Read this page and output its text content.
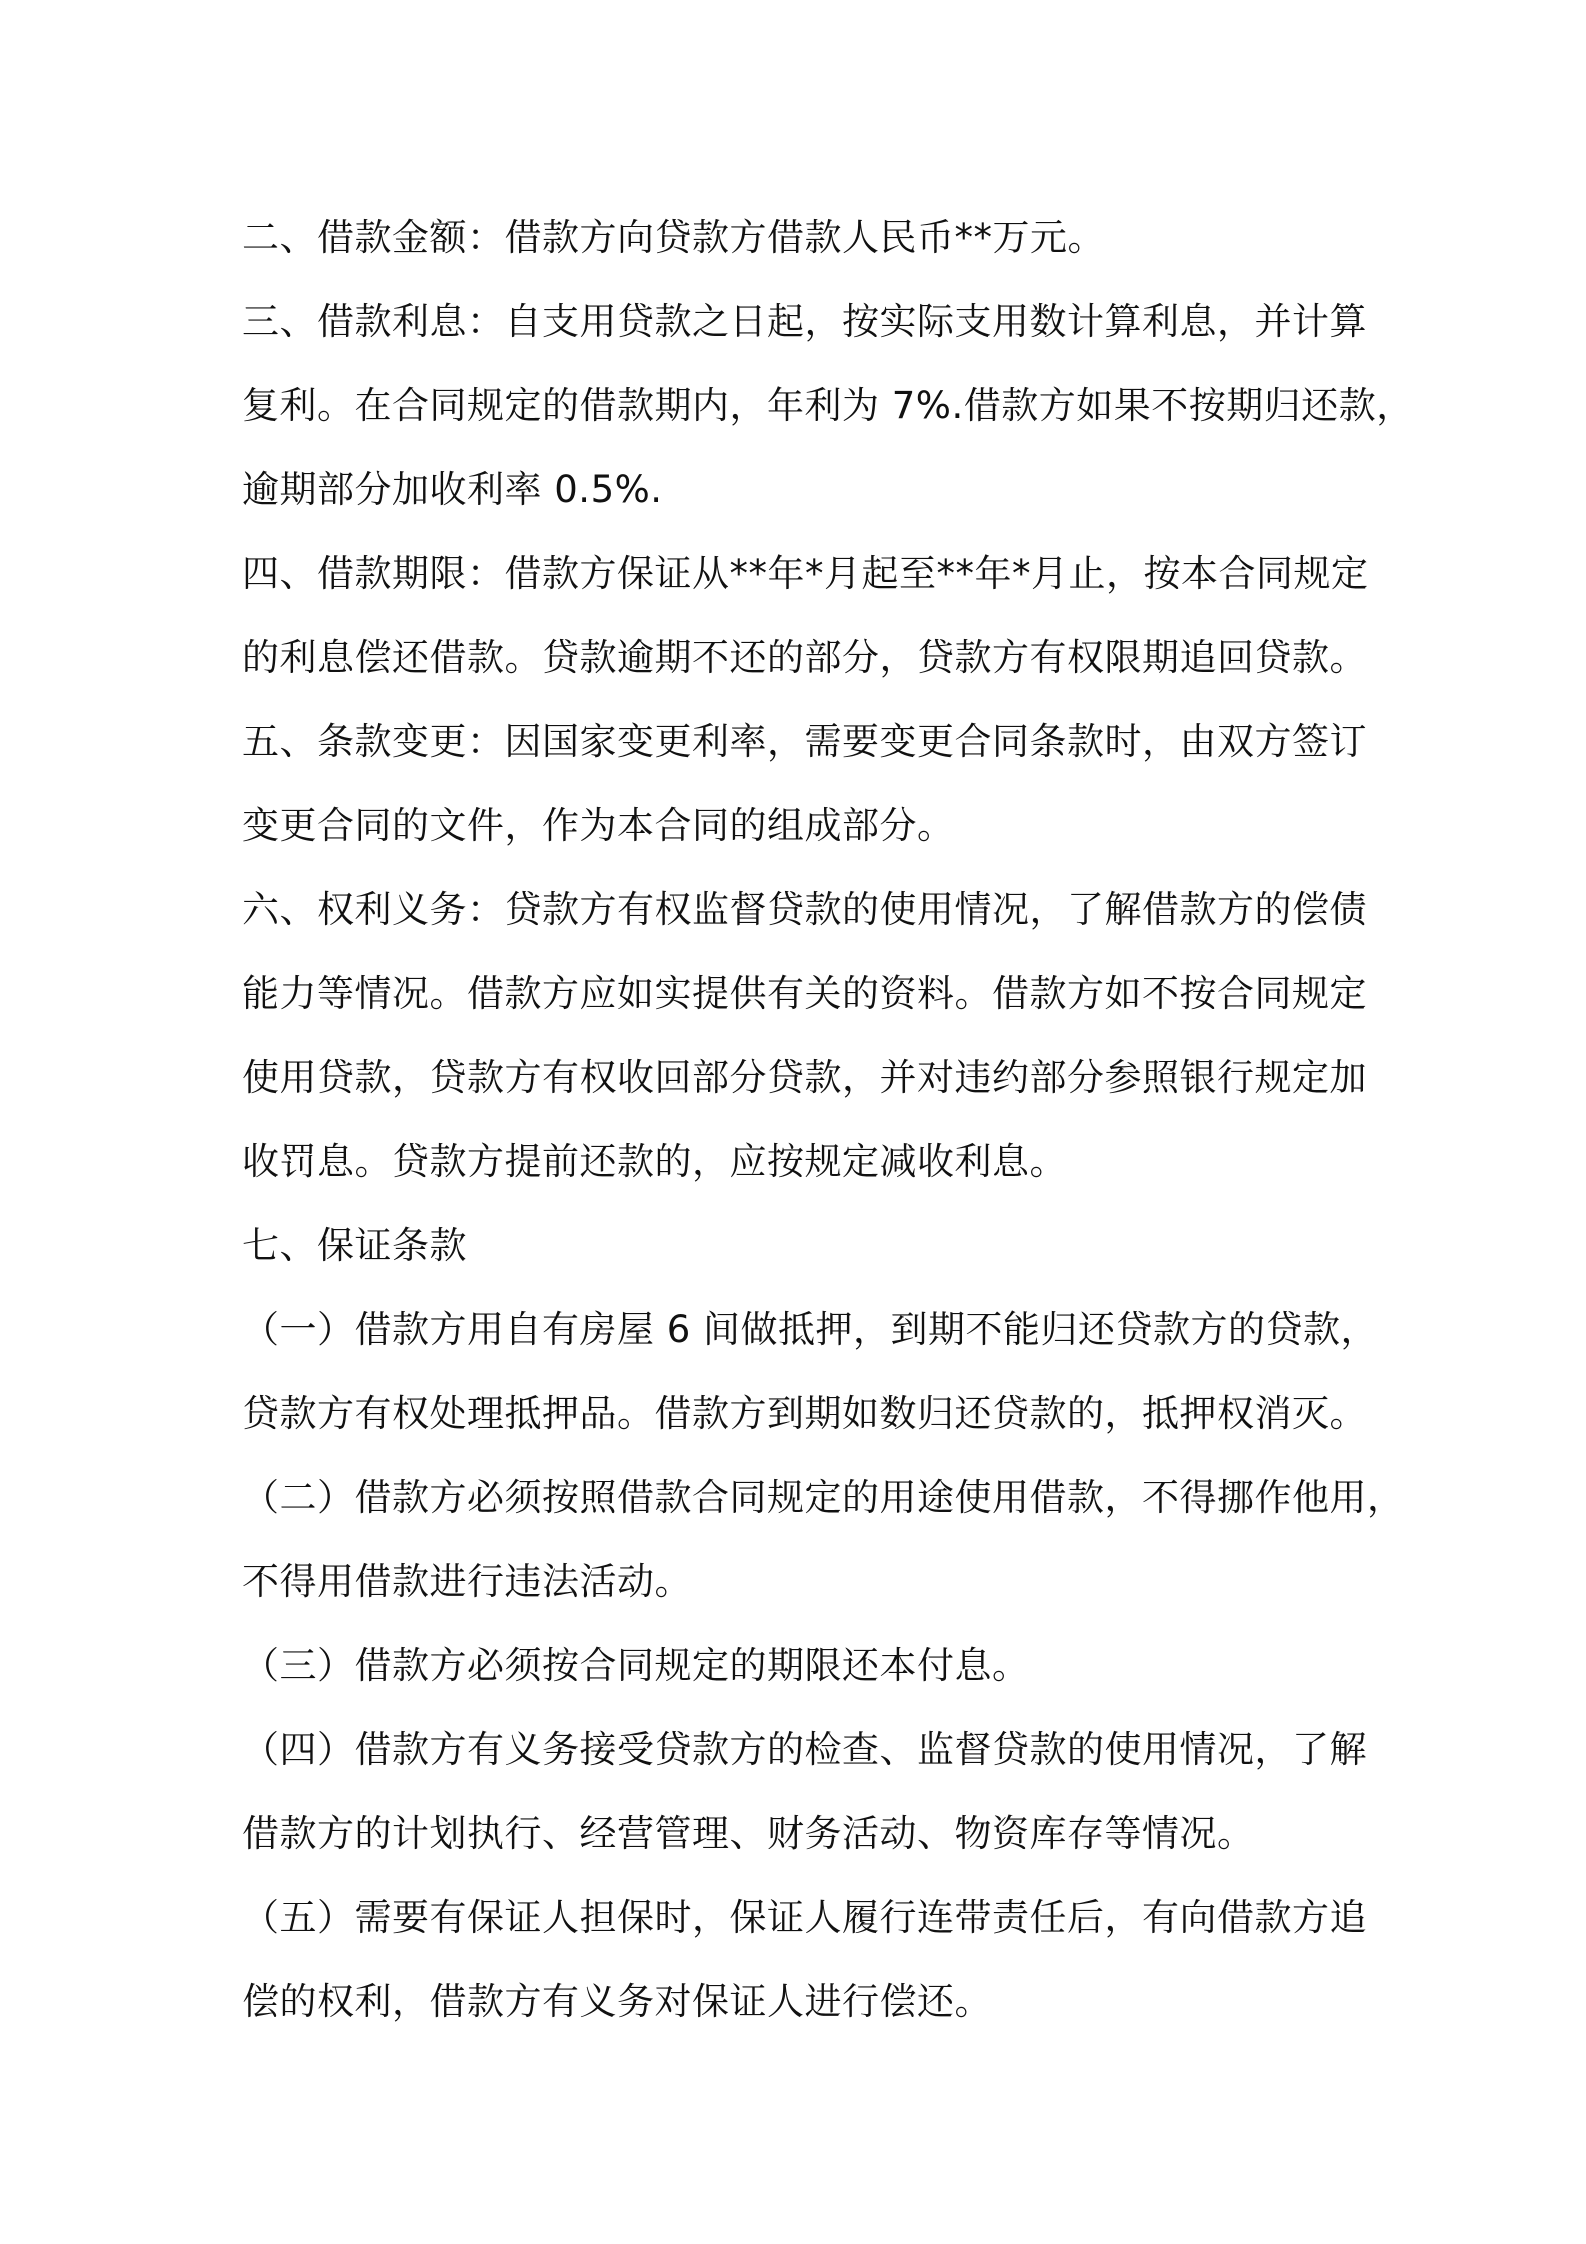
二、借款金额：借款方向贷款方借款人民币**万元。

三、借款利息：自支用贷款之日起，按实际支用数计算利息，并计算
复利。在合同规定的借款期内，年利为 7%.借款方如果不按期归还款，
逾期部分加收利率 0.5%.

四、借款期限：借款方保证从**年*月起至**年*月止，按本合同规定
的利息偿还借款。贷款逾期不还的部分，贷款方有权限期追回贷款。

五、条款变更：因国家变更利率，需要变更合同条款时，由双方签订
变更合同的文件，作为本合同的组成部分。

六、权利义务：贷款方有权监督贷款的使用情况，了解借款方的偿债
能力等情况。借款方应如实提供有关的资料。借款方如不按合同规定
使用贷款，贷款方有权收回部分贷款，并对违约部分参照银行规定加
收罚息。贷款方提前还款的，应按规定减收利息。

七、保证条款

（一）借款方用自有房屋 6 间做抵押，到期不能归还贷款方的贷款，
贷款方有权处理抵押品。借款方到期如数归还贷款的，抵押权消灭。

（二）借款方必须按照借款合同规定的用途使用借款，不得挪作他用，
不得用借款进行违法活动。

（三）借款方必须按合同规定的期限还本付息。

（四）借款方有义务接受贷款方的检查、监督贷款的使用情况，了解
借款方的计划执行、经营管理、财务活动、物资库存等情况。

（五）需要有保证人担保时，保证人履行连带责任后，有向借款方追
偿的权利，借款方有义务对保证人进行偿还。
